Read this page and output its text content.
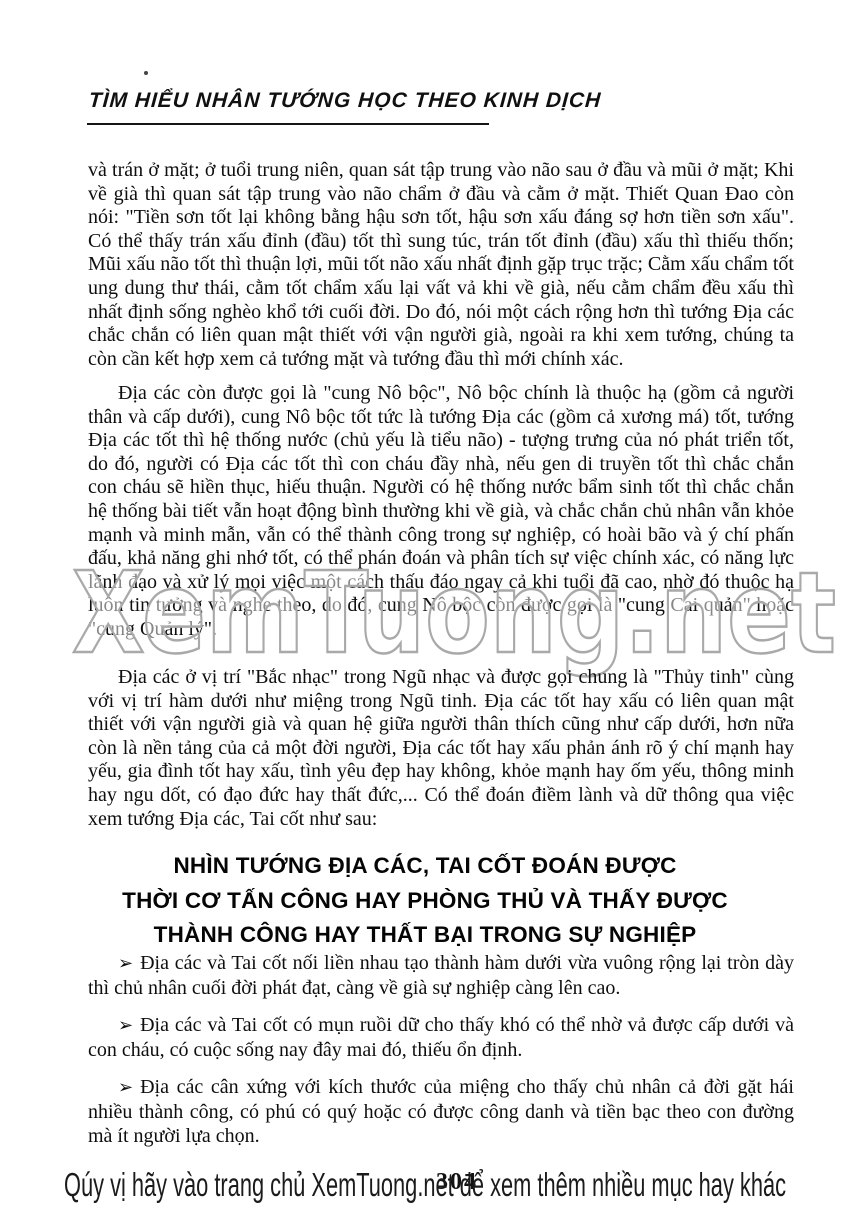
TÌM HIỂU NHÂN TƯỚNG HỌC THEO KINH DỊCH

và trán ở mặt; ở tuổi trung niên, quan sát tập trung vào não sau ở đầu và mũi ở mặt; Khi về già thì quan sát tập trung vào não chẩm ở đầu và cằm ở mặt. Thiết Quan Đao còn nói: "Tiền sơn tốt lại không bằng hậu sơn tốt, hậu sơn xấu đáng sợ hơn tiền sơn xấu". Có thể thấy trán xấu đỉnh (đầu) tốt thì sung túc, trán tốt đỉnh (đầu) xấu thì thiếu thốn; Mũi xấu não tốt thì thuận lợi, mũi tốt não xấu nhất định gặp trục trặc; Cằm xấu chẩm tốt ung dung thư thái, cằm tốt chẩm xấu lại vất vả khi về già, nếu cằm chẩm đều xấu thì nhất định sống nghèo khổ tới cuối đời. Do đó, nói một cách rộng hơn thì tướng Địa các chắc chắn có liên quan mật thiết với vận người già, ngoài ra khi xem tướng, chúng ta còn cần kết hợp xem cả tướng mặt và tướng đầu thì mới chính xác.

Địa các còn được gọi là "cung Nô bộc", Nô bộc chính là thuộc hạ (gồm cả người thân và cấp dưới), cung Nô bộc tốt tức là tướng Địa các (gồm cả xương má) tốt, tướng Địa các tốt thì hệ thống nước (chủ yếu là tiểu não) - tượng trưng của nó phát triển tốt, do đó, người có Địa các tốt thì con cháu đầy nhà, nếu gen di truyền tốt thì chắc chắn con cháu sẽ hiền thục, hiếu thuận. Người có hệ thống nước bẩm sinh tốt thì chắc chắn hệ thống bài tiết vẫn hoạt động bình thường khi về già, và chắc chắn chủ nhân vẫn khỏe mạnh và minh mẫn, vẫn có thể thành công trong sự nghiệp, có hoài bão và ý chí phấn đấu, khả năng ghi nhớ tốt, có thể phán đoán và phân tích sự việc chính xác, có năng lực lãnh đạo và xử lý mọi việc một cách thấu đáo ngay cả khi tuổi đã cao, nhờ đó thuộc hạ luôn tin tưởng và nghe theo, do đó, cung Nô bộc còn được gọi là "cung Cai quản" hoặc "cung Quản lý".

XemTuong.net

Địa các ở vị trí "Bắc nhạc" trong Ngũ nhạc và được gọi chung là "Thủy tinh" cùng với vị trí hàm dưới như miệng trong Ngũ tinh. Địa các tốt hay xấu có liên quan mật thiết với vận người già và quan hệ giữa người thân thích cũng như cấp dưới, hơn nữa còn là nền tảng của cả một đời người, Địa các tốt hay xấu phản ánh rõ ý chí mạnh hay yếu, gia đình tốt hay xấu, tình yêu đẹp hay không, khỏe mạnh hay ốm yếu, thông minh hay ngu dốt, có đạo đức hay thất đức,... Có thể đoán điềm lành và dữ thông qua việc xem tướng Địa các, Tai cốt như sau:

NHÌN TƯỚNG ĐỊA CÁC, TAI CỐT ĐOÁN ĐƯỢC
THỜI CƠ TẤN CÔNG HAY PHÒNG THỦ VÀ THẤY ĐƯỢC
THÀNH CÔNG HAY THẤT BẠI TRONG SỰ NGHIỆP

➢ Địa các và Tai cốt nối liền nhau tạo thành hàm dưới vừa vuông rộng lại tròn dày thì chủ nhân cuối đời phát đạt, càng về già sự nghiệp càng lên cao.

➢ Địa các và Tai cốt có mụn ruồi dữ cho thấy khó có thể nhờ vả được cấp dưới và con cháu, có cuộc sống nay đây mai đó, thiếu ổn định.

➢ Địa các cân xứng với kích thước của miệng cho thấy chủ nhân cả đời gặt hái nhiều thành công, có phú có quý hoặc có được công danh và tiền bạc theo con đường mà ít người lựa chọn.

304
Qúy vị hãy vào trang chủ XemTuong.net để xem thêm nhiều mục hay khác
